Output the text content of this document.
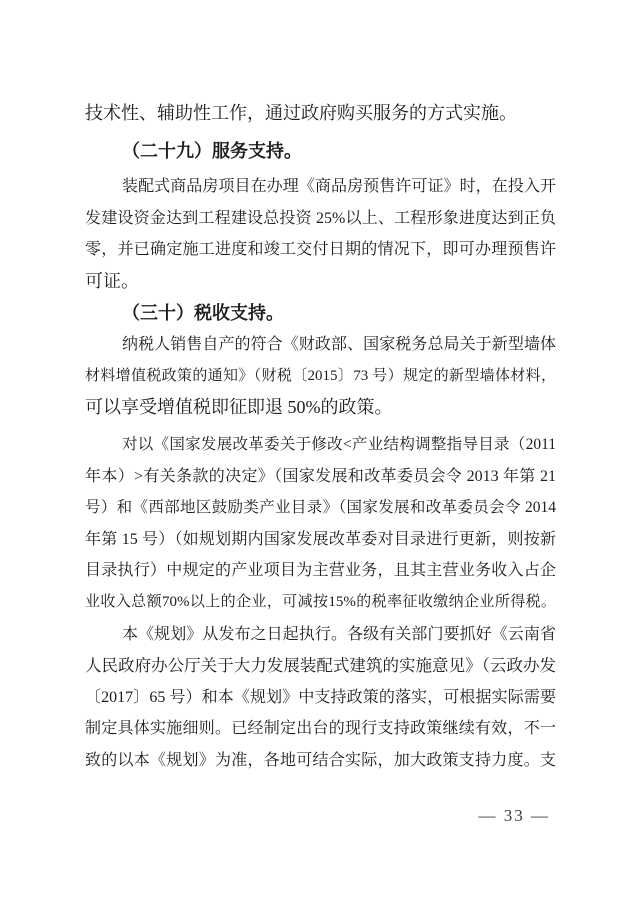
技术性、辅助性工作，通过政府购买服务的方式实施。
（二十九）服务支持。
装配式商品房项目在办理《商品房预售许可证》时，在投入开
发建设资金达到工程建设总投资 25%以上、工程形象进度达到正负
零，并已确定施工进度和竣工交付日期的情况下，即可办理预售许
可证。
（三十）税收支持。
纳税人销售自产的符合《财政部、国家税务总局关于新型墙体
材料增值税政策的通知》（财税〔2015〕73 号）规定的新型墙体材料，
可以享受增值税即征即退 50%的政策。
对以《国家发展改革委关于修改<产业结构调整指导目录（2011
年本）>有关条款的决定》（国家发展和改革委员会令 2013 年第 21
号）和《西部地区鼓励类产业目录》（国家发展和改革委员会令 2014
年第 15 号）（如规划期内国家发展改革委对目录进行更新，则按新
目录执行）中规定的产业项目为主营业务，且其主营业务收入占企
业收入总额70%以上的企业，可减按15%的税率征收缴纳企业所得税。
本《规划》从发布之日起执行。各级有关部门要抓好《云南省
人民政府办公厅关于大力发展装配式建筑的实施意见》（云政办发
〔2017〕65 号）和本《规划》中支持政策的落实，可根据实际需要
制定具体实施细则。已经制定出台的现行支持政策继续有效，不一
致的以本《规划》为准，各地可结合实际，加大政策支持力度。支
— 33 —
